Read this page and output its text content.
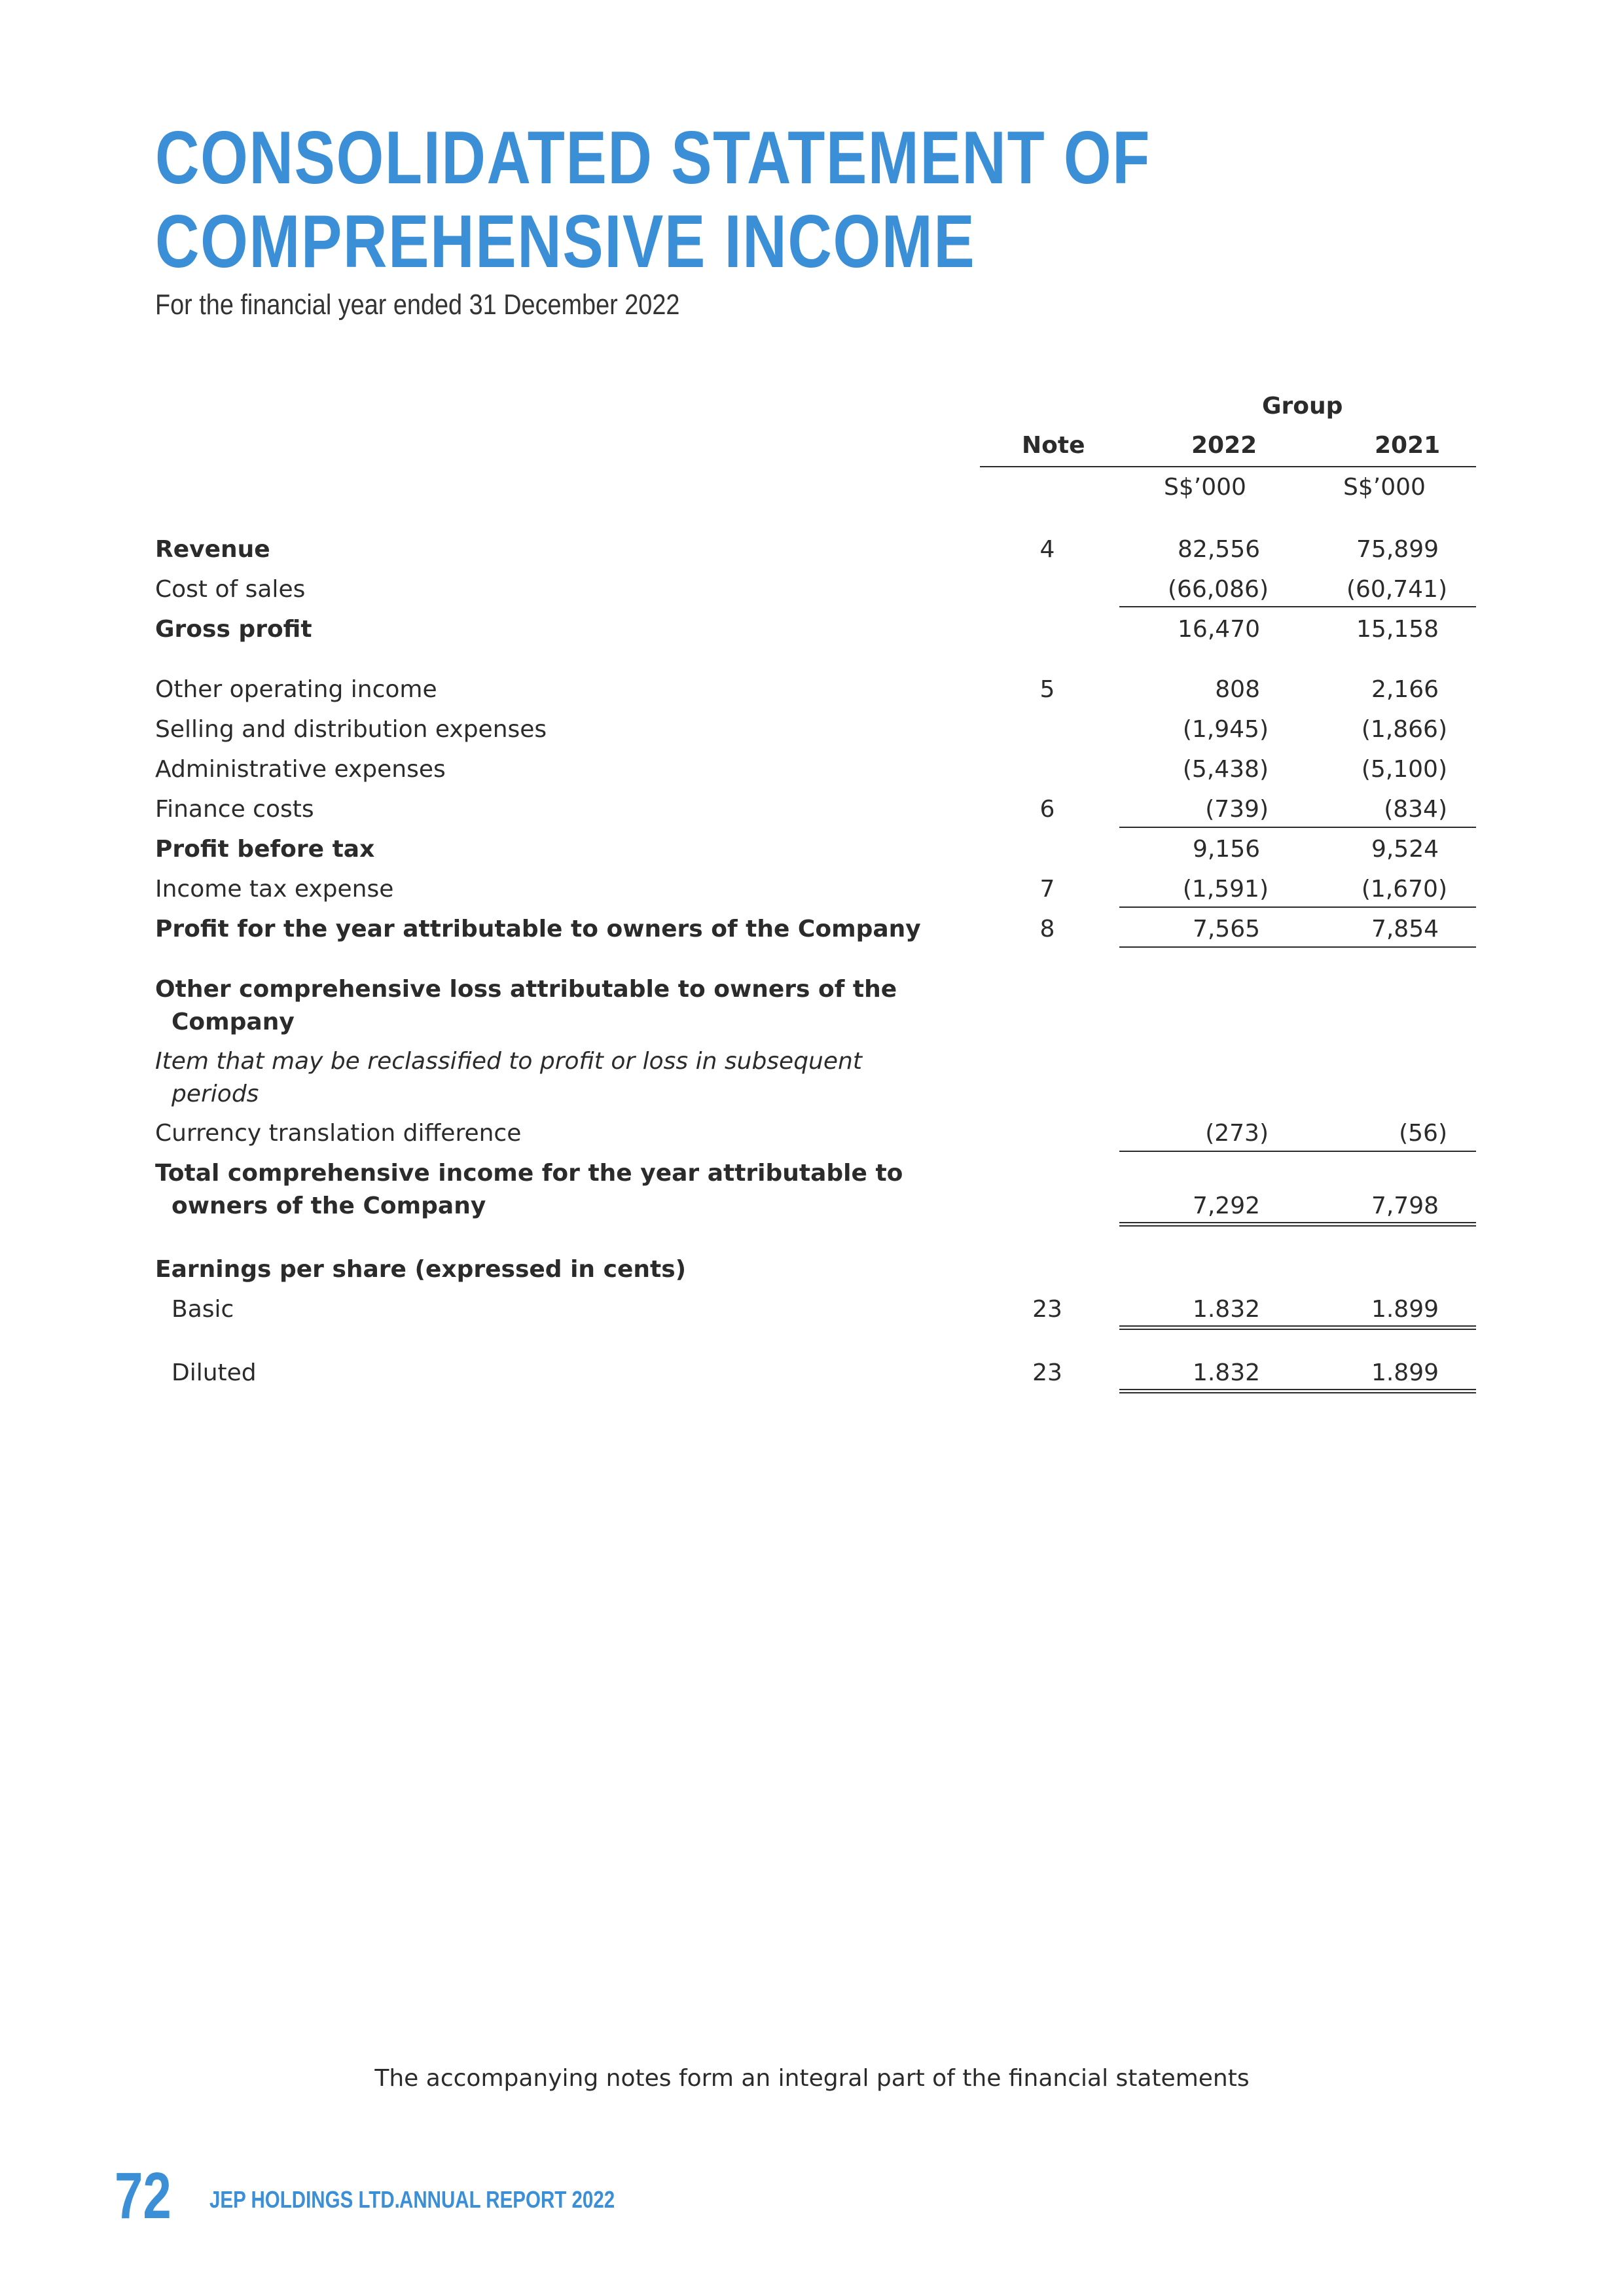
CONSOLIDATED STATEMENT OF
COMPREHENSIVE INCOME
For the financial year ended 31 December 2022
Group
Note	2022	2021
S$’000	S$’000
Revenue	4	82,556	75,899
Cost of sales	(66,086)	(60,741)
Gross profit	16,470	15,158
Other operating income	5	808	2,166
Selling and distribution expenses	(1,945)	(1,866)
Administrative expenses	(5,438)	(5,100)
Finance costs	6	(739)	(834)
Profit before tax	9,156	9,524
Income tax expense	7	(1,591)	(1,670)
Profit for the year attributable to owners of the Company	8	7,565	7,854
Other comprehensive loss attributable to owners of the
Company
Item that may be reclassified to profit or loss in subsequent
periods
Currency translation difference	(273)	(56)
Total comprehensive income for the year attributable to
owners of the Company	7,292	7,798
Earnings per share (expressed in cents)
Basic	23	1.832	1.899
Diluted	23	1.832	1.899
The accompanying notes form an integral part of the financial statements
72 JEP HOLDINGS LTD. ANNUAL REPORT 2022
